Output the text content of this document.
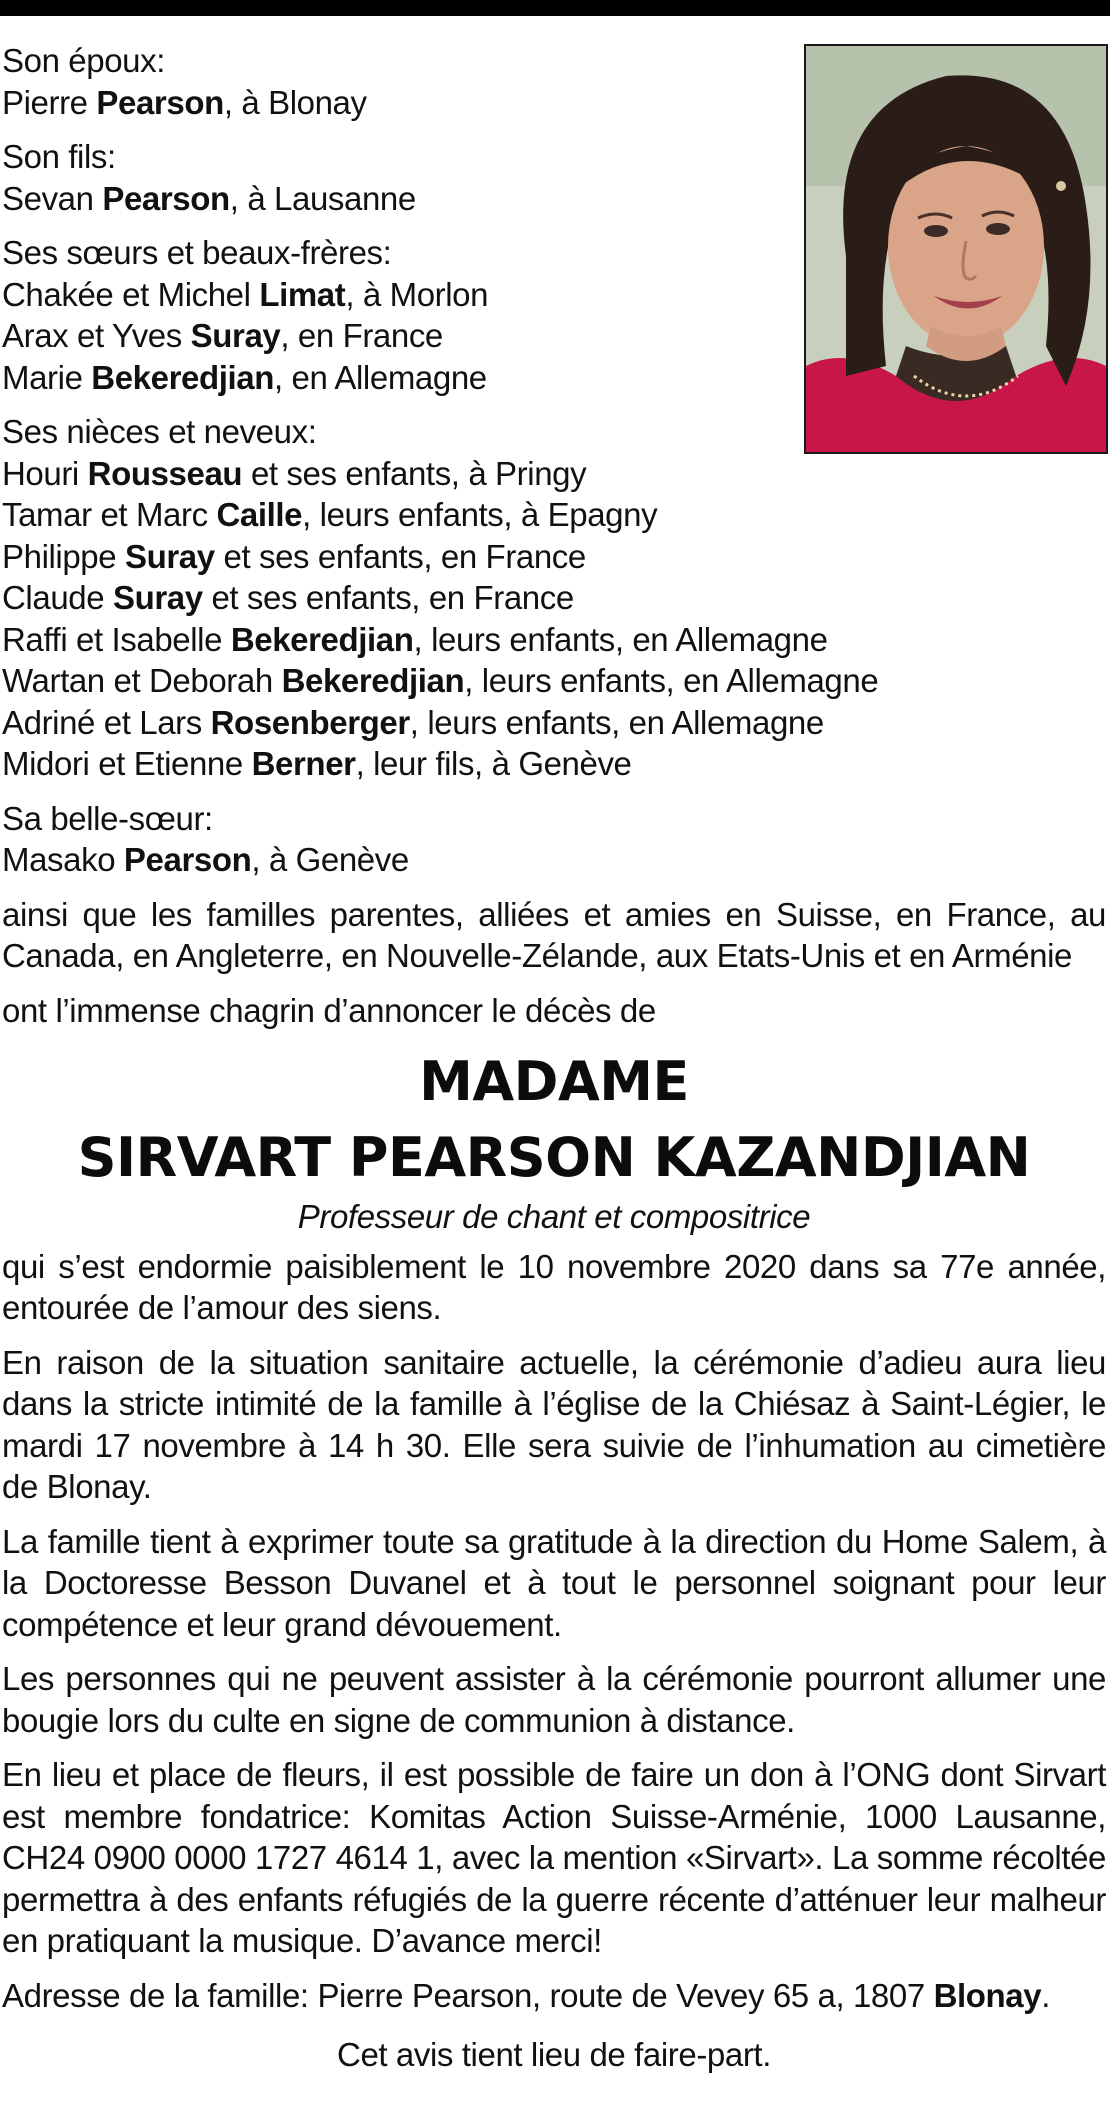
Son époux:
Pierre Pearson, à Blonay
Son fils:
Sevan Pearson, à Lausanne
Ses sœurs et beaux-frères:
Chakée et Michel Limat, à Morlon
Arax et Yves Suray, en France
Marie Bekeredjian, en Allemagne
Ses nièces et neveux:
Houri Rousseau et ses enfants, à Pringy
Tamar et Marc Caille, leurs enfants, à Epagny
Philippe Suray et ses enfants, en France
Claude Suray et ses enfants, en France
Raffi et Isabelle Bekeredjian, leurs enfants, en Allemagne
Wartan et Deborah Bekeredjian, leurs enfants, en Allemagne
Adriné et Lars Rosenberger, leurs enfants, en Allemagne
Midori et Etienne Berner, leur fils, à Genève
Sa belle-sœur:
Masako Pearson, à Genève
ainsi que les familles parentes, alliées et amies en Suisse, en France, au Canada, en Angleterre, en Nouvelle-Zélande, aux Etats-Unis et en Arménie
ont l’immense chagrin d’annoncer le décès de
MADAME
SIRVART PEARSON KAZANDJIAN
Professeur de chant et compositrice
qui s’est endormie paisiblement le 10 novembre 2020 dans sa 77e année, entourée de l’amour des siens.
En raison de la situation sanitaire actuelle, la cérémonie d’adieu aura lieu dans la stricte intimité de la famille à l’église de la Chiésaz à Saint-Légier, le mardi 17 novembre à 14 h 30. Elle sera suivie de l’inhumation au cimetière de Blonay.
La famille tient à exprimer toute sa gratitude à la direction du Home Salem, à la Doctoresse Besson Duvanel et à tout le personnel soignant pour leur compétence et leur grand dévouement.
Les personnes qui ne peuvent assister à la cérémonie pourront allumer une bougie lors du culte en signe de communion à distance.
En lieu et place de fleurs, il est possible de faire un don à l’ONG dont Sirvart est membre fondatrice: Komitas Action Suisse-Arménie, 1000 Lausanne, CH24 0900 0000 1727 4614 1, avec la mention «Sirvart». La somme récoltée permettra à des enfants réfugiés de la guerre récente d’atténuer leur malheur en pratiquant la musique. D’avance merci!
Adresse de la famille: Pierre Pearson, route de Vevey 65 a, 1807 Blonay.
Cet avis tient lieu de faire-part.
